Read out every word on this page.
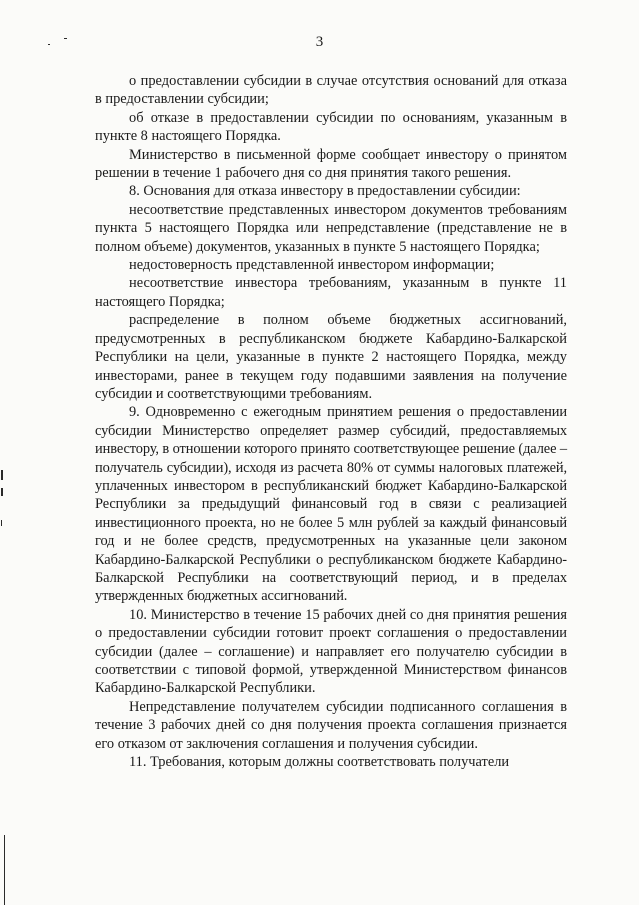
3

о предоставлении субсидии в случае отсутствия оснований для отказа в предоставлении субсидии;

об отказе в предоставлении субсидии по основаниям, указанным в пункте 8 настоящего Порядка.

Министерство в письменной форме сообщает инвестору о принятом решении в течение 1 рабочего дня со дня принятия такого решения.

8. Основания для отказа инвестору в предоставлении субсидии:

несоответствие представленных инвестором документов требованиям пункта 5 настоящего Порядка или непредставление (представление не в полном объеме) документов, указанных в пункте 5 настоящего Порядка;

недостоверность представленной инвестором информации;

несоответствие инвестора требованиям, указанным в пункте 11 настоящего Порядка;

распределение в полном объеме бюджетных ассигнований, предусмотренных в республиканском бюджете Кабардино-Балкарской Республики на цели, указанные в пункте 2 настоящего Порядка, между инвесторами, ранее в текущем году подавшими заявления на получение субсидии и соответствующими требованиям.

9. Одновременно с ежегодным принятием решения о предоставлении субсидии Министерство определяет размер субсидий, предоставляемых инвестору, в отношении которого принято соответствующее решение (далее – получатель субсидии), исходя из расчета 80% от суммы налоговых платежей, уплаченных инвестором в республиканский бюджет Кабардино-Балкарской Республики за предыдущий финансовый год в связи с реализацией инвестиционного проекта, но не более 5 млн рублей за каждый финансовый год и не более средств, предусмотренных на указанные цели законом Кабардино-Балкарской Республики о республиканском бюджете Кабардино-Балкарской Республики на соответствующий период, и в пределах утвержденных бюджетных ассигнований.

10. Министерство в течение 15 рабочих дней со дня принятия решения о предоставлении субсидии готовит проект соглашения о предоставлении субсидии (далее – соглашение) и направляет его получателю субсидии в соответствии с типовой формой, утвержденной Министерством финансов Кабардино-Балкарской Республики.

Непредставление получателем субсидии подписанного соглашения в течение 3 рабочих дней со дня получения проекта соглашения признается его отказом от заключения соглашения и получения субсидии.

11. Требования, которым должны соответствовать получатели
